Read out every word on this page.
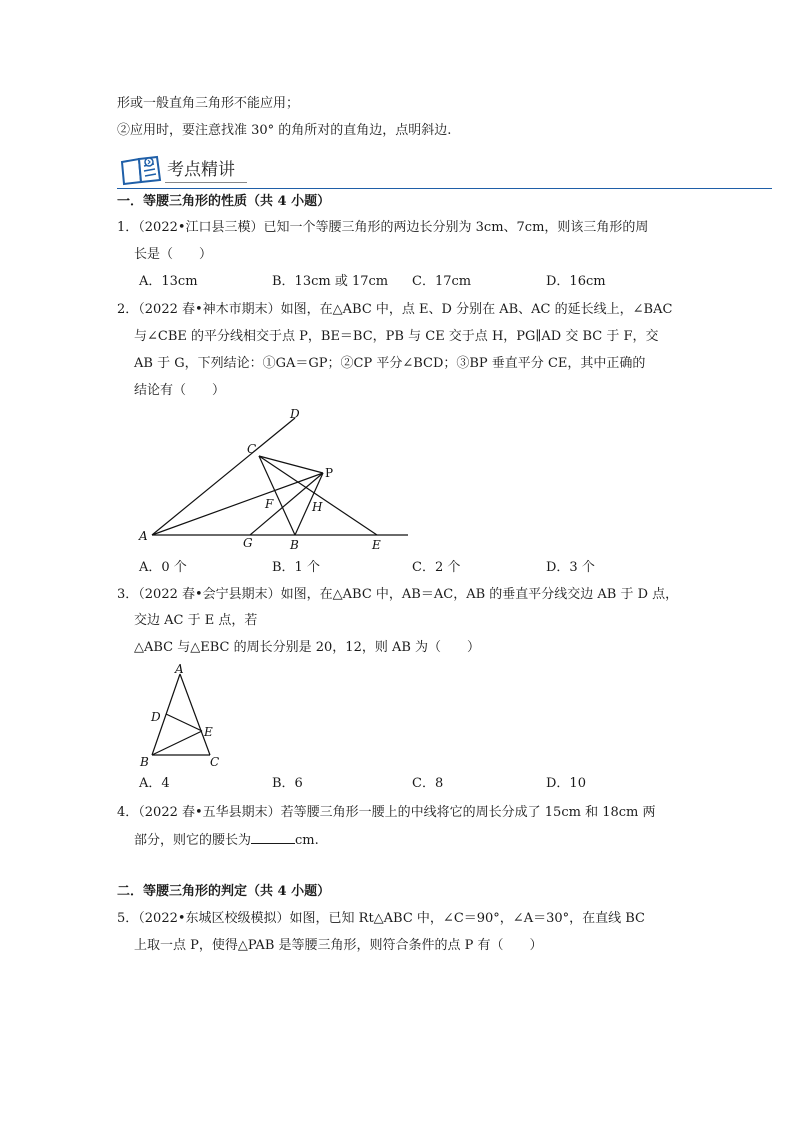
形或一般直角三角形不能应用；
②应用时，要注意找准 30° 的角所对的直角边，点明斜边.
考点精讲
一．等腰三角形的性质（共 4 小题）
1．（2022•江口县三模）已知一个等腰三角形的两边长分别为 3cm、7cm，则该三角形的周
长是（　　）
A．13cm	B．13cm 或 17cm C．17cm	D．16cm
2．（2022 春•神木市期末）如图，在△ABC 中，点 E、D 分别在 AB、AC 的延长线上，∠BAC
与∠CBE 的平分线相交于点 P，BE＝BC，PB 与 CE 交于点 H，PG∥AD 交 BC 于 F，交
AB 于 G，下列结论：①GA＝GP；②CP 平分∠BCD；③BP 垂直平分 CE，其中正确的
结论有（　　）
D
C
P
F	H
A	G	B	E
A．0 个	B．1 个	C．2 个	D．3 个
3．（2022 春•会宁县期末）如图，在△ABC 中，AB＝AC，AB 的垂直平分线交边 AB 于 D 点，
交边 AC 于 E 点，若
△ABC 与△EBC 的周长分别是 20，12，则 AB 为（　　）
A
D
E
B	C
A．4	B．6	C．8	D．10
4．（2022 春•五华县期末）若等腰三角形一腰上的中线将它的周长分成了 15cm 和 18cm 两
部分，则它的腰长为	cm.
二．等腰三角形的判定（共 4 小题）
5．（2022•东城区校级模拟）如图，已知 Rt△ABC 中，∠C＝90°，∠A＝30°，在直线 BC
上取一点 P，使得△PAB 是等腰三角形，则符合条件的点 P 有（　　）
